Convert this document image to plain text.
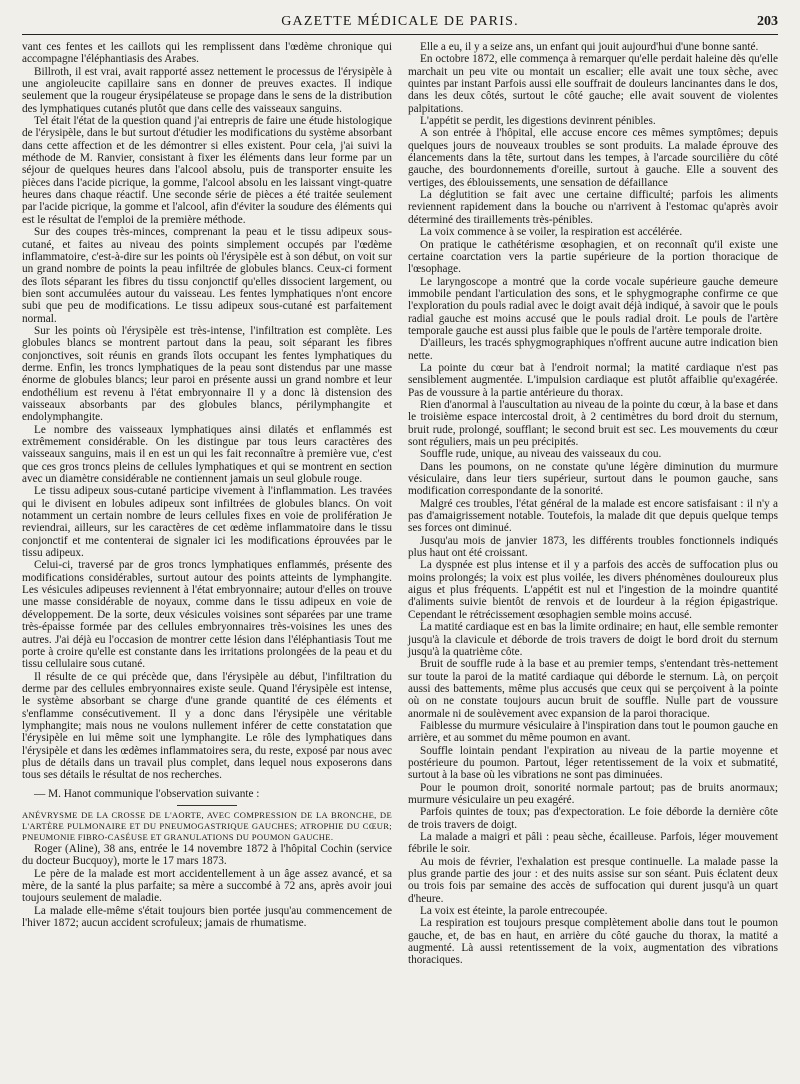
GAZETTE MÉDICALE DE PARIS.	203

vant ces fentes et les caillots qui les remplissent dans l'œdème chronique qui accompagne l'éléphantiasis des Arabes.

Billroth, il est vrai, avait rapporté assez nettement le processus de l'érysipèle à une angioleucite capillaire sans en donner de preuves exactes. Il indique seulement que la rougeur érysipélateuse se propage dans le sens de la distribution des lymphatiques cutanés plutôt que dans celle des vaisseaux sanguins.

Tel était l'état de la question quand j'ai entrepris de faire une étude histologique de l'érysipèle, dans le but surtout d'étudier les modifications du système absorbant dans cette affection et de les démontrer si elles existent. Pour cela, j'ai suivi la méthode de M. Ranvier, consistant à fixer les éléments dans leur forme par un séjour de quelques heures dans l'alcool absolu, puis de transporter ensuite les pièces dans l'acide picrique, la gomme, l'alcool absolu en les laissant vingt-quatre heures dans chaque réactif. Une seconde série de pièces a été traitée seulement par l'acide picrique, la gomme et l'alcool, afin d'éviter la soudure des éléments qui est le résultat de l'emploi de la première méthode.

Sur des coupes très-minces, comprenant la peau et le tissu adipeux sous-cutané, et faites au niveau des points simplement occupés par l'œdème inflammatoire, c'est-à-dire sur les points où l'érysipèle est à son début, on voit sur un grand nombre de points la peau infiltrée de globules blancs. Ceux-ci forment des îlots séparant les fibres du tissu conjonctif qu'elles dissocient largement, ou bien sont accumulées autour du vaisseau. Les fentes lymphatiques n'ont encore subi que peu de modifications. Le tissu adipeux sous-cutané est parfaitement normal.

Sur les points où l'érysipèle est très-intense, l'infiltration est complète. Les globules blancs se montrent partout dans la peau, soit séparant les fibres conjonctives, soit réunis en grands îlots occupant les fentes lymphatiques du derme. Enfin, les troncs lymphatiques de la peau sont distendus par une masse énorme de globules blancs; leur paroi en présente aussi un grand nombre et leur endothélium est revenu à l'état embryonnaire Il y a donc là distension des vaisseaux absorbants par des globules blancs, périlymphangite et endolymphangite.

Le nombre des vaisseaux lymphatiques ainsi dilatés et enflammés est extrêmement considérable. On les distingue par tous leurs caractères des vaisseaux sanguins, mais il en est un qui les fait reconnaître à première vue, c'est que ces gros troncs pleins de cellules lymphatiques et qui se montrent en section avec un diamètre considérable ne contiennent jamais un seul globule rouge.

Le tissu adipeux sous-cutané participe vivement à l'inflammation. Les travées qui le divisent en lobules adipeux sont infiltrées de globules blancs. On voit notamment un certain nombre de leurs cellules fixes en voie de prolifération Je reviendrai, ailleurs, sur les caractères de cet œdème inflammatoire dans le tissu conjonctif et me contenterai de signaler ici les modifications éprouvées par le tissu adipeux.

Celui-ci, traversé par de gros troncs lymphatiques enflammés, présente des modifications considérables, surtout autour des points atteints de lymphangite. Les vésicules adipeuses reviennent à l'état embryonnaire; autour d'elles on trouve une masse considérable de noyaux, comme dans le tissu adipeux en voie de développement. De la sorte, deux vésicules voisines sont séparées par une trame très-épaisse formée par des cellules embryonnaires très-voisines les unes des autres. J'ai déjà eu l'occasion de montrer cette lésion dans l'éléphantiasis Tout me porte à croire qu'elle est constante dans les irritations prolongées de la peau et du tissu cellulaire sous cutané.

Il résulte de ce qui précède que, dans l'érysipèle au début, l'infiltration du derme par des cellules embryonnaires existe seule. Quand l'érysipèle est intense, le système absorbant se charge d'une grande quantité de ces éléments et s'enflamme consécutivement. Il y a donc dans l'érysipèle une véritable lymphangite; mais nous ne voulons nullement inférer de cette constatation que l'érysipèle en lui même soit une lymphangite. Le rôle des lymphatiques dans l'érysipèle et dans les œdèmes inflammatoires sera, du reste, exposé par nous avec plus de détails dans un travail plus complet, dans lequel nous exposerons dans tous ses détails le résultat de nos recherches.

— M. Hanot communique l'observation suivante :

ANÉVRYSME DE LA CROSSE DE L'AORTE, AVEC COMPRESSION DE LA BRONCHE, DE L'ARTÈRE PULMONAIRE ET DU PNEUMOGASTRIQUE GAUCHES; ATROPHIE DU CŒUR; PNEUMONIE FIBRO-CASÉUSE ET GRANULATIONS DU POUMON GAUCHE.

Roger (Aline), 38 ans, entrée le 14 novembre 1872 à l'hôpital Cochin (service du docteur Bucquoy), morte le 17 mars 1873.

Le père de la malade est mort accidentellement à un âge assez avancé, et sa mère, de la santé la plus parfaite; sa mère a succombé à 72 ans, après avoir joui toujours seulement de maladie.

La malade elle-même s'était toujours bien portée jusqu'au commencement de l'hiver 1872; aucun accident scrofuleux; jamais de rhumatisme.

Elle a eu, il y a seize ans, un enfant qui jouit aujourd'hui d'une bonne santé.

En octobre 1872, elle commença à remarquer qu'elle perdait haleine dès qu'elle marchait un peu vite ou montait un escalier; elle avait une toux sèche, avec quintes par instant Parfois aussi elle souffrait de douleurs lancinantes dans le dos, dans les deux côtés, surtout le côté gauche; elle avait souvent de violentes palpitations.

L'appétit se perdit, les digestions devinrent pénibles.

A son entrée à l'hôpital, elle accuse encore ces mêmes symptômes; depuis quelques jours de nouveaux troubles se sont produits. La malade éprouve des élancements dans la tête, surtout dans les tempes, à l'arcade sourcilière du côté gauche, des bourdonnements d'oreille, surtout à gauche. Elle a souvent des vertiges, des éblouissements, une sensation de défaillance

La déglutition se fait avec une certaine difficulté; parfois les aliments reviennent rapidement dans la bouche ou n'arrivent à l'estomac qu'après avoir déterminé des tiraillements très-pénibles.

La voix commence à se voiler, la respiration est accélérée.

On pratique le cathétérisme œsophagien, et on reconnaît qu'il existe une certaine coarctation vers la partie supérieure de la portion thoracique de l'œsophage.

Le laryngoscope a montré que la corde vocale supérieure gauche demeure immobile pendant l'articulation des sons, et le sphygmographe confirme ce que l'exploration du pouls radial avec le doigt avait déjà indiqué, à savoir que le pouls radial gauche est moins accusé que le pouls radial droit. Le pouls de l'artère temporale gauche est aussi plus faible que le pouls de l'artère temporale droite.

D'ailleurs, les tracés sphygmographiques n'offrent aucune autre indication bien nette.

La pointe du cœur bat à l'endroit normal; la matité cardiaque n'est pas sensiblement augmentée. L'impulsion cardiaque est plutôt affaiblie qu'exagérée. Pas de voussure à la partie antérieure du thorax.

Rien d'anormal à l'auscultation au niveau de la pointe du cœur, à la base et dans le troisième espace intercostal droit, à 2 centimètres du bord droit du sternum, bruit rude, prolongé, soufflant; le second bruit est sec. Les mouvements du cœur sont réguliers, mais un peu précipités.

Souffle rude, unique, au niveau des vaisseaux du cou.

Dans les poumons, on ne constate qu'une légère diminution du murmure vésiculaire, dans leur tiers supérieur, surtout dans le poumon gauche, sans modification correspondante de la sonorité.

Malgré ces troubles, l'état général de la malade est encore satisfaisant : il n'y a pas d'amaigrissement notable. Toutefois, la malade dit que depuis quelque temps ses forces ont diminué.

Jusqu'au mois de janvier 1873, les différents troubles fonctionnels indiqués plus haut ont été croissant.

La dyspnée est plus intense et il y a parfois des accès de suffocation plus ou moins prolongés; la voix est plus voilée, les divers phénomènes douloureux plus aigus et plus fréquents. L'appétit est nul et l'ingestion de la moindre quantité d'aliments suivie bientôt de renvois et de lourdeur à la région épigastrique. Cependant le rétrécissement œsophagien semble moins accusé.

La matité cardiaque est en bas la limite ordinaire; en haut, elle semble remonter jusqu'à la clavicule et déborde de trois travers de doigt le bord droit du sternum jusqu'à la quatrième côte.

Bruit de souffle rude à la base et au premier temps, s'entendant très-nettement sur toute la paroi de la matité cardiaque qui déborde le sternum. Là, on perçoit aussi des battements, même plus accusés que ceux qui se perçoivent à la pointe où on ne constate toujours aucun bruit de souffle. Nulle part de voussure anormale ni de soulèvement avec expansion de la paroi thoracique.

Faiblesse du murmure vésiculaire à l'inspiration dans tout le poumon gauche en arrière, et au sommet du même poumon en avant.

Souffle lointain pendant l'expiration au niveau de la partie moyenne et postérieure du poumon. Partout, léger retentissement de la voix et submatité, surtout à la base où les vibrations ne sont pas diminuées.

Pour le poumon droit, sonorité normale partout; pas de bruits anormaux; murmure vésiculaire un peu exagéré.

Parfois quintes de toux; pas d'expectoration. Le foie déborde la dernière côte de trois travers de doigt.

La malade a maigri et pâli : peau sèche, écailleuse. Parfois, léger mouvement fébrile le soir.

Au mois de février, l'exhalation est presque continuelle. La malade passe la plus grande partie des jour : et des nuits assise sur son séant. Puis éclatent deux ou trois fois par semaine des accès de suffocation qui durent jusqu'à un quart d'heure.

La voix est éteinte, la parole entrecoupée.

La respiration est toujours presque complètement abolie dans tout le poumon gauche, et, de bas en haut, en arrière du côté gauche du thorax, la matité a augmenté. Là aussi retentissement de la voix, augmentation des vibrations thoraciques.
